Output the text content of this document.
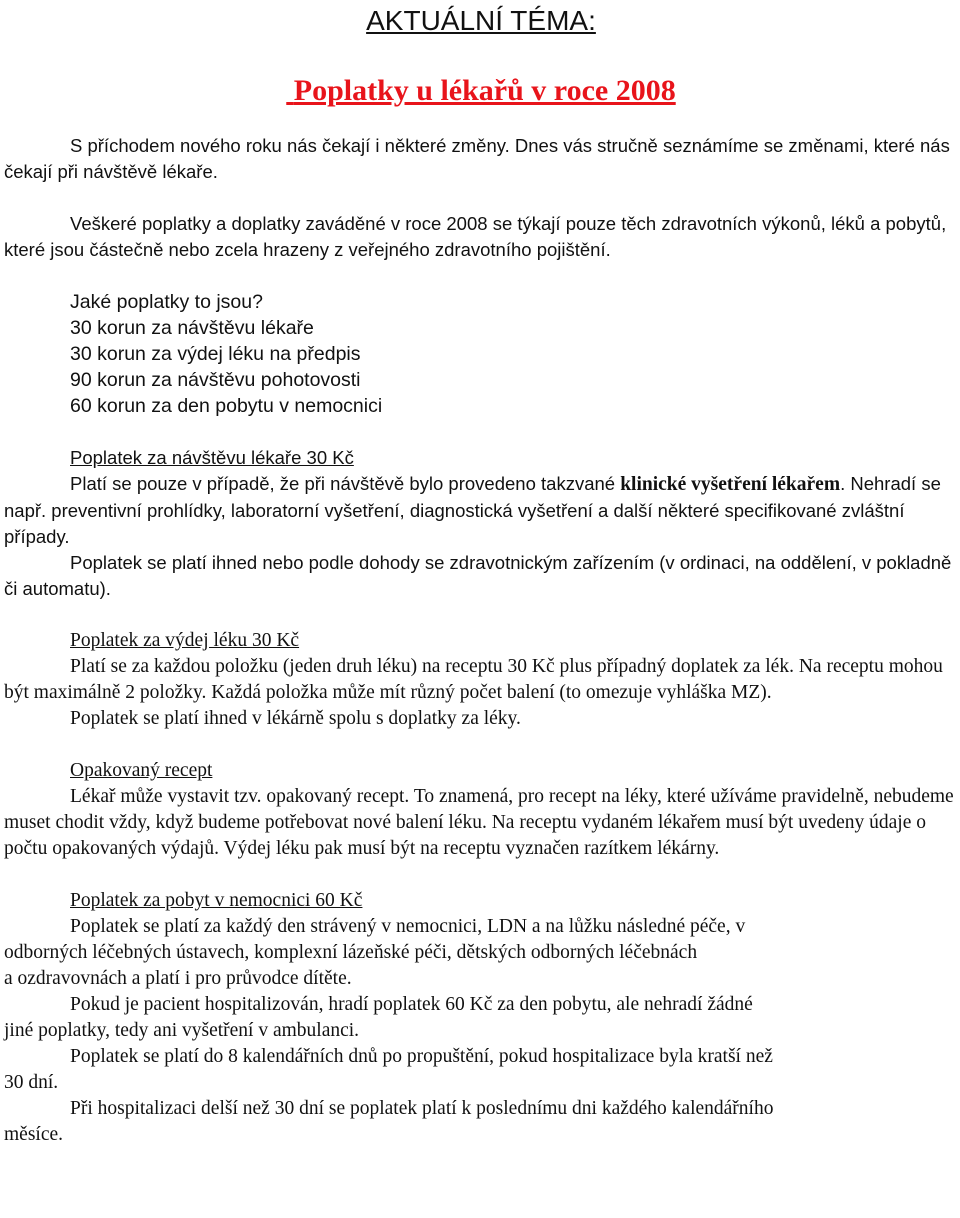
AKTUÁLNÍ TÉMA:
Poplatky u lékařů v roce 2008

S příchodem nového roku nás čekají i některé změny. Dnes vás stručně seznámíme se změnami, které nás čekají při návštěvě lékaře.

Veškeré poplatky a doplatky zaváděné v roce 2008 se týkají pouze těch zdravotních výkonů, léků a pobytů, které jsou částečně nebo zcela hrazeny z veřejného zdravotního pojištění.

Jaké poplatky to jsou?
30 korun za návštěvu lékaře
30 korun za výdej léku na předpis
90 korun za návštěvu pohotovosti
60 korun za den pobytu v nemocnici
Poplatek za návštěvu lékaře 30 Kč

Platí se pouze v případě, že při návštěvě bylo provedeno takzvané klinické vyšetření lékařem. Nehradí se např. preventivní prohlídky, laboratorní vyšetření, diagnostická vyšetření a další některé specifikované zvláštní případy.

Poplatek se platí ihned nebo podle dohody se zdravotnickým zařízením (v ordinaci, na oddělení, v pokladně či automatu).

Poplatek za výdej léku 30 Kč

Platí se za každou položku (jeden druh léku) na receptu 30 Kč plus případný doplatek za lék. Na receptu mohou být maximálně 2 položky. Každá položka může mít různý počet balení (to omezuje vyhláška MZ).

Poplatek se platí ihned v lékárně spolu s doplatky za léky.

Opakovaný recept

Lékař může vystavit tzv. opakovaný recept. To znamená, pro recept na léky, které užíváme pravidelně, nebudeme muset chodit vždy, když budeme potřebovat nové balení léku. Na receptu vydaném lékařem musí být uvedeny údaje o počtu opakovaných výdajů. Výdej léku pak musí být na receptu vyznačen razítkem lékárny.

Poplatek za pobyt v nemocnici 60 Kč
Poplatek se platí za každý den strávený v nemocnici, LDN a na lůžku následné péče, v
odborných léčebných ústavech, komplexní lázeňské péči, dětských odborných léčebnách
a ozdravovnách a platí i pro průvodce dítěte.
Pokud je pacient hospitalizován, hradí poplatek 60 Kč za den pobytu, ale nehradí žádné
jiné poplatky, tedy ani vyšetření v ambulanci.
Poplatek se platí do 8 kalendářních dnů po propuštění, pokud hospitalizace byla kratší než
30 dní.
Při hospitalizaci delší než 30 dní se poplatek platí k poslednímu dni každého kalendářního
měsíce.
